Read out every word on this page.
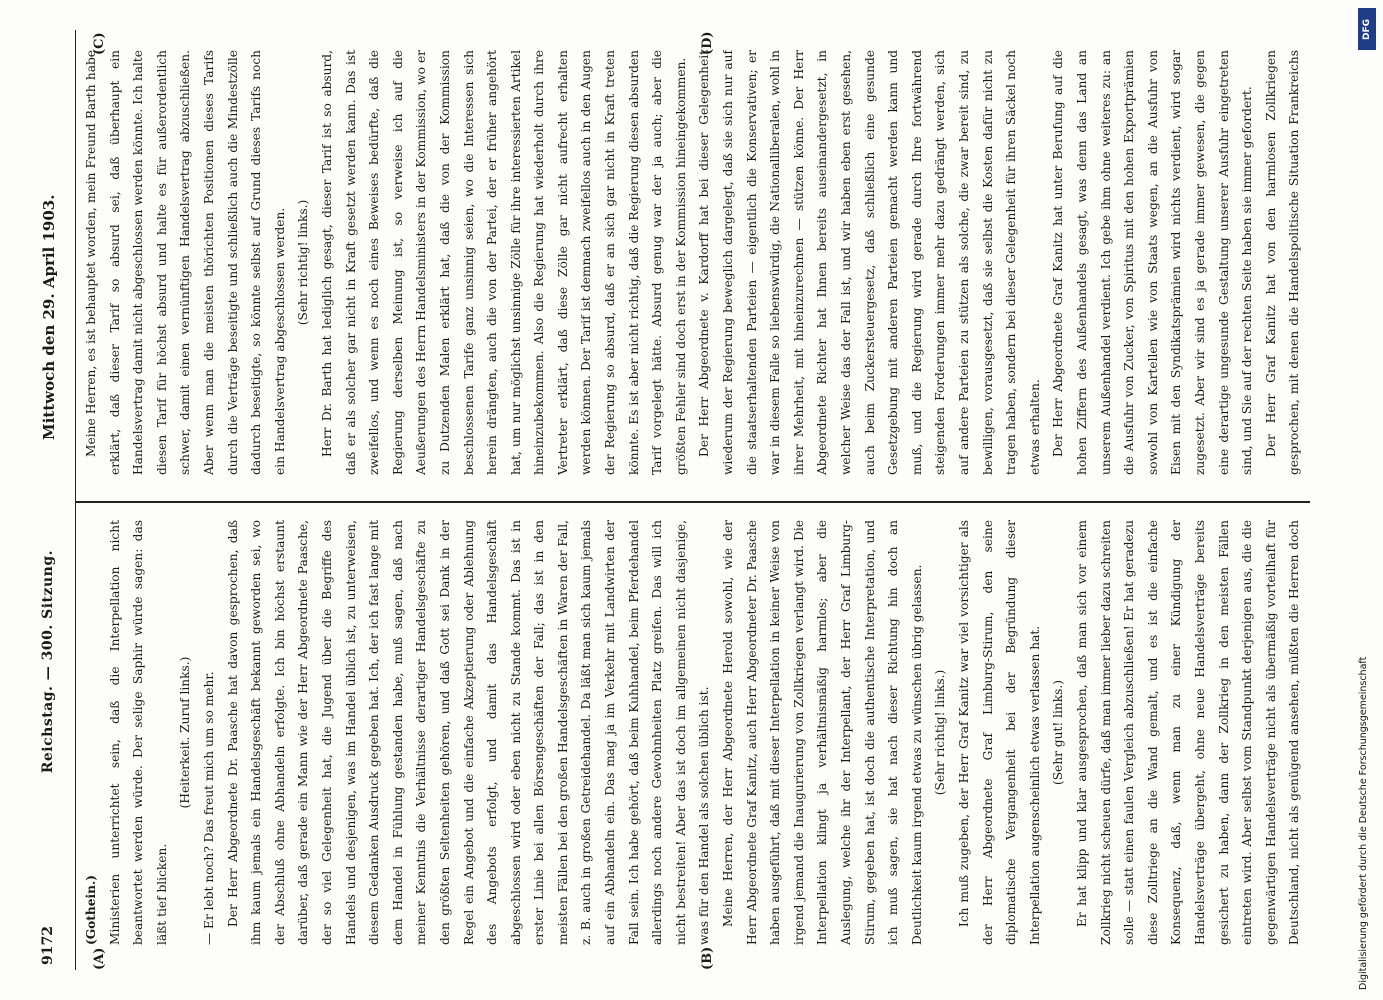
9172
Reichstag. — 300. Sitzung.
Mittwoch den 29. April 1903.
(A)	(B)
(C)	(D)

(Gothein.) Ministerien unterrichtet sein, daß die Interpellation nicht beantwortet werden würde. Der selige Saphir würde sagen: das läßt tief blicken.

(Heiterkeit. Zuruf links.) — Er lebt noch? Das freut mich um so mehr. Der Herr Abgeordnete Dr. Paasche hat davon gesprochen, daß ihm kaum jemals ein Handelsgeschäft bekannt geworden sei, wo der Abschluß ohne Abhandeln erfolgte. Ich bin höchst erstaunt darüber, daß gerade ein Mann wie der Herr Abgeordnete Paasche, der so viel Gelegenheit hat, die Jugend über die Begriffe des Handels und desjenigen, was im Handel üblich ist, zu unterweisen, diesem Gedanken Ausdruck gegeben hat. Ich, der ich fast lange mit dem Handel in Fühlung gestanden habe, muß sagen, daß nach meiner Kenntnis die Verhältnisse derartiger Handelsgeschäfte zu den größten Seltenheiten gehören, und daß Gott sei Dank in der Regel ein Angebot und die einfache Akzeptierung oder Ablehnung des Angebots erfolgt, und damit das Handelsgeschäft abgeschlossen wird oder eben nicht zu Stande kommt. Das ist in erster Linie bei allen Börsengeschäften der Fall; das ist in den meisten Fällen bei den großen Handelsgeschäften in Waren der Fall, z. B. auch in großen Getreidehandel. Da läßt man sich kaum jemals auf ein Abhandeln ein. Das mag ja im Verkehr mit Landwirten der Fall sein. Ich habe gehört, daß beim Kuhhandel, beim Pferdehandel allerdings noch andere Gewohnheiten Platz greifen. Das will ich nicht bestreiten! Aber das ist doch im allgemeinen nicht dasjenige, was für den Handel als solchen üblich ist. Meine Herren, der Herr Abgeordnete Herold sowohl, wie der Herr Abgeordnete Graf Kanitz, auch Herr Abgeordneter Dr. Paasche haben ausgeführt, daß mit dieser Interpellation in keiner Weise von irgend jemand die Inaugurierung von Zollkriegen verlangt wird. Die Interpellation klingt ja verhältnismäßig harmlos; aber die Auslegung, welche ihr der Interpellant, der Herr Graf Limburg-Stirum, gegeben hat, ist doch die authentische Interpretation, und ich muß sagen, sie hat nach dieser Richtung hin doch an Deutlichkeit kaum irgend etwas zu wünschen übrig gelassen. (Sehr richtig! links.) Ich muß zugeben, der Herr Graf Kanitz war viel vorsichtiger als der Herr Abgeordnete Graf Limburg-Stirum, den seine diplomatische Vergangenheit bei der Begründung dieser Interpellation augenscheinlich etwas verlassen hat. (Sehr gut! links.)

Er hat klipp und klar ausgesprochen, daß man sich vor einem Zollkrieg nicht scheuen dürfe, daß man immer lieber dazu schreiten solle — statt einen faulen Vergleich abzuschließen! Er hat geradezu diese Zolltriege an die Wand gemalt, und es ist die einfache Konsequenz, daß, wenn man zu einer Kündigung der Handelsverträge übergeht, ohne neue Handelsverträge bereits gesichert zu haben, dann der Zollkrieg in den meisten Fällen eintreten wird. Aber selbst vom Standpunkt derjenigen aus, die die gegenwärtigen Handelsverträge nicht als übermäßig vorteilhaft für Deutschland, nicht als genügend ansehen, müßten die Herren doch

Meine Herren, es ist behauptet worden, mein Freund Barth habe erklärt, daß dieser Tarif so absurd sei, daß überhaupt ein Handelsvertrag damit nicht abgeschlossen werden könnte. Ich halte diesen Tarif für höchst absurd und halte es für außerordentlich schwer, damit einen vernünftigen Handelsvertrag abzuschließen. Aber wenn man die meisten thörichten Positionen dieses Tarifs durch die Verträge beseitigte und schließlich auch die Mindestzölle dadurch beseitigte, so könnte selbst auf Grund dieses Tarifs noch ein Handelsvertrag abgeschlossen werden. (Sehr richtig! links.) Herr Dr. Barth hat lediglich gesagt, dieser Tarif ist so absurd, daß er als solcher gar nicht in Kraft gesetzt werden kann. Das ist zweifellos, und wenn es noch eines Beweises bedürfte, daß die Regierung derselben Meinung ist, so verweise ich auf die Aeußerungen des Herrn Handelsministers in der Kommission, wo er zu Dutzenden Malen erklärt hat, daß die von der Kommission beschlossenen Tarife ganz unsinnig seien, wo die Interessen sich herein drängten, auch die von der Partei, der er früher angehört hat, um nur möglichst unsinnige Zölle für ihre interessierten Artikel hineinzubekommen. Also die Regierung hat wiederholt durch ihre Vertreter erklärt, daß diese Zölle gar nicht aufrecht erhalten werden können. Der Tarif ist demnach zweifellos auch in den Augen der Regierung so absurd, daß er an sich gar nicht in Kraft treten könnte. Es ist aber nicht richtig, daß die Regierung diesen absurden Tarif vorgelegt hätte. Absurd genug war der ja auch; aber die größten Fehler sind doch erst in der Kommission hineingekommen. Der Herr Abgeordnete v. Kardorff hat bei dieser Gelegenheit wiederum der Regierung beweglich dargelegt, daß sie sich nur auf die staatserhaltenden Parteien — eigentlich die Konservativen; er war in diesem Falle so liebenswürdig, die Nationalliberalen, wohl in ihrer Mehrheit, mit hineinzurechnen — stützen könne. Der Herr Abgeordnete Richter hat Ihnen bereits auseinandergesetzt, in welcher Weise das der Fall ist, und wir haben eben erst gesehen, auch beim Zuckersteuergesetz, daß schließlich eine gesunde Gesetzgebung mit anderen Parteien gemacht werden kann und muß, und die Regierung wird gerade durch Ihre fortwährend steigenden Forderungen immer mehr dazu gedrängt werden, sich auf andere Parteien zu stützen als solche, die zwar bereit sind, zu bewilligen, vorausgesetzt, daß sie selbst die Kosten dafür nicht zu tragen haben, sondern bei dieser Gelegenheit für ihren Säckel noch etwas erhalten. Der Herr Abgeordnete Graf Kanitz hat unter Berufung auf die hohen Ziffern des Außenhandels gesagt, was denn das Land an unserem Außenhandel verdient. Ich gebe ihm ohne weiteres zu: an die Ausfuhr von Zucker, von Spiritus mit den hohen Exportprämien sowohl von Kartellen wie von Staats wegen, an die Ausfuhr von Eisen mit den Syndikatsprämien wird nichts verdient, wird sogar zugesetzt. Aber wir sind es ja gerade immer gewesen, die gegen eine derartige ungesunde Gestaltung unserer Ausfuhr eingetreten sind, und Sie auf der rechten Seite haben sie immer gefordert. Der Herr Graf Kanitz hat von den harmlosen Zollkriegen gesprochen, mit denen die Handelspolitische Situation Frankreichs

DFG
Digitalisierung gefördert durch die Deutsche Forschungsgemeinschaft
